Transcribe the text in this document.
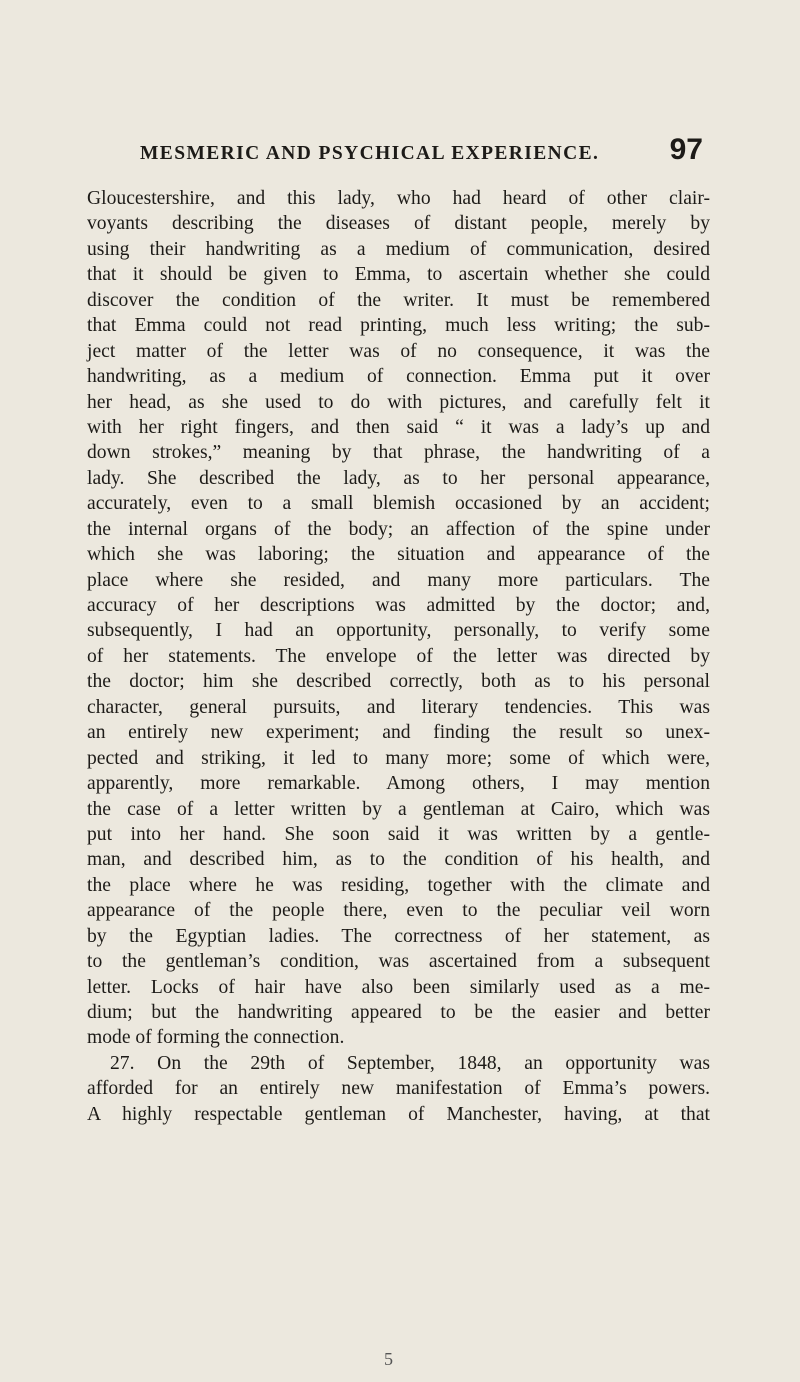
MESMERIC AND PSYCHICAL EXPERIENCE. 97
Gloucestershire, and this lady, who had heard of other clair-
voyants describing the diseases of distant people, merely by
using their handwriting as a medium of communication, desired
that it should be given to Emma, to ascertain whether she could
discover the condition of the writer. It must be remembered
that Emma could not read printing, much less writing; the sub-
ject matter of the letter was of no consequence, it was the
handwriting, as a medium of connection. Emma put it over
her head, as she used to do with pictures, and carefully felt it
with her right fingers, and then said “ it was a lady’s up and
down strokes,” meaning by that phrase, the handwriting of a
lady. She described the lady, as to her personal appearance,
accurately, even to a small blemish occasioned by an accident;
the internal organs of the body; an affection of the spine under
which she was laboring; the situation and appearance of the
place where she resided, and many more particulars. The
accuracy of her descriptions was admitted by the doctor; and,
subsequently, I had an opportunity, personally, to verify some
of her statements. The envelope of the letter was directed by
the doctor; him she described correctly, both as to his personal
character, general pursuits, and literary tendencies. This was
an entirely new experiment; and finding the result so unex-
pected and striking, it led to many more; some of which were,
apparently, more remarkable. Among others, I may mention
the case of a letter written by a gentleman at Cairo, which was
put into her hand. She soon said it was written by a gentle-
man, and described him, as to the condition of his health, and
the place where he was residing, together with the climate and
appearance of the people there, even to the peculiar veil worn
by the Egyptian ladies. The correctness of her statement, as
to the gentleman’s condition, was ascertained from a subsequent
letter. Locks of hair have also been similarly used as a me-
dium; but the handwriting appeared to be the easier and better
mode of forming the connection.
27. On the 29th of September, 1848, an opportunity was
afforded for an entirely new manifestation of Emma’s powers.
A highly respectable gentleman of Manchester, having, at that
5
